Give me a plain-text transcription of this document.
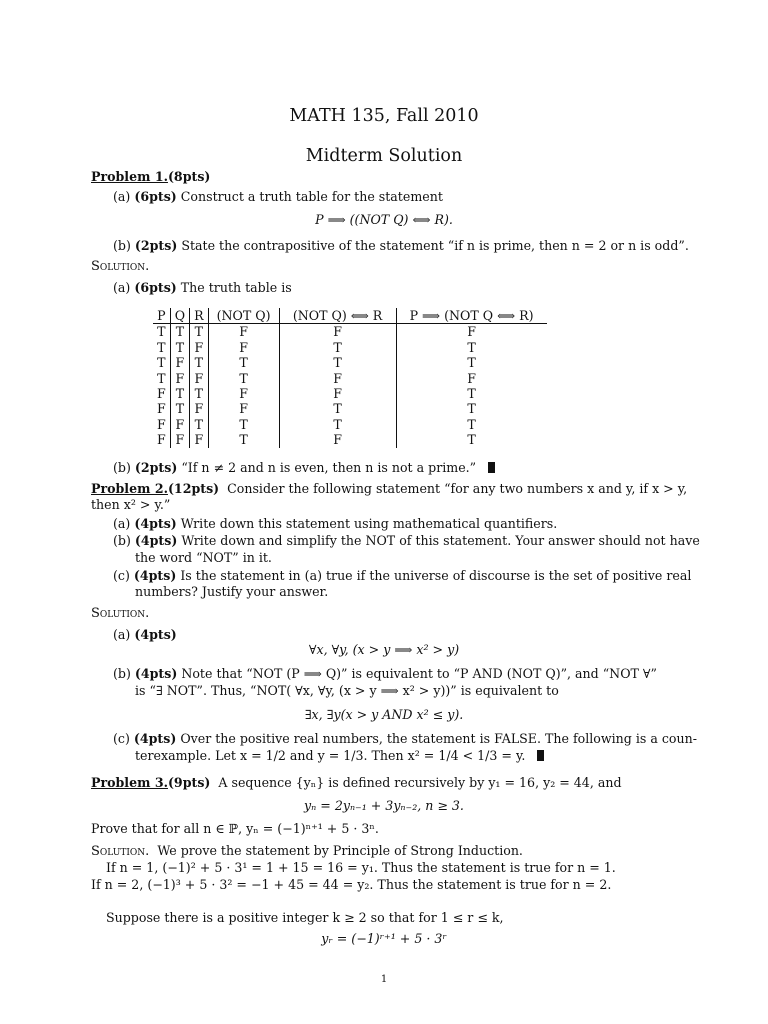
MATH 135, Fall 2010
Midterm Solution
Problem 1.(8pts)
(a) (6pts) Construct a truth table for the statement
P ⟹ ((NOT Q) ⟺ R).
(b) (2pts) State the contrapositive of the statement “if n is prime, then n = 2 or n is odd”.
Solution.
(a) (6pts) The truth table is
P	Q	R	(NOT Q)	(NOT Q) ⟺ R	P ⟹ (NOT Q ⟺ R)
T	T	T	F	F	F
T	T	F	F	T	T
T	F	T	T	T	T
T	F	F	T	F	F
F	T	T	F	F	T
F	T	F	F	T	T
F	F	T	T	T	T
F	F	F	T	F	T
(b) (2pts) “If n ≠ 2 and n is even, then n is not a prime.”
Problem 2.(12pts) Consider the following statement “for any two numbers x and y, if x > y,
then x² > y.”
(a) (4pts) Write down this statement using mathematical quantifiers.
(b) (4pts) Write down and simplify the NOT of this statement. Your answer should not have
the word “NOT” in it.
(c) (4pts) Is the statement in (a) true if the universe of discourse is the set of positive real
numbers? Justify your answer.
Solution.
(a) (4pts)
∀x, ∀y, (x > y ⟹ x² > y)
(b) (4pts) Note that “NOT (P ⟹ Q)” is equivalent to “P AND (NOT Q)”, and “NOT ∀”
is “∃ NOT”. Thus, “NOT( ∀x, ∀y, (x > y ⟹ x² > y))” is equivalent to
∃x, ∃y(x > y AND x² ≤ y).
(c) (4pts) Over the positive real numbers, the statement is FALSE. The following is a coun-
terexample. Let x = 1/2 and y = 1/3. Then x² = 1/4 < 1/3 = y.
Problem 3.(9pts) A sequence {yₙ} is defined recursively by y₁ = 16, y₂ = 44, and
yₙ = 2yₙ₋₁ + 3yₙ₋₂, n ≥ 3.
Prove that for all n ∈ ℙ, yₙ = (−1)ⁿ⁺¹ + 5 · 3ⁿ.
Solution. We prove the statement by Principle of Strong Induction.
If n = 1, (−1)² + 5 · 3¹ = 1 + 15 = 16 = y₁. Thus the statement is true for n = 1.
If n = 2, (−1)³ + 5 · 3² = −1 + 45 = 44 = y₂. Thus the statement is true for n = 2.
Suppose there is a positive integer k ≥ 2 so that for 1 ≤ r ≤ k,
yᵣ = (−1)ʳ⁺¹ + 5 · 3ʳ
1
